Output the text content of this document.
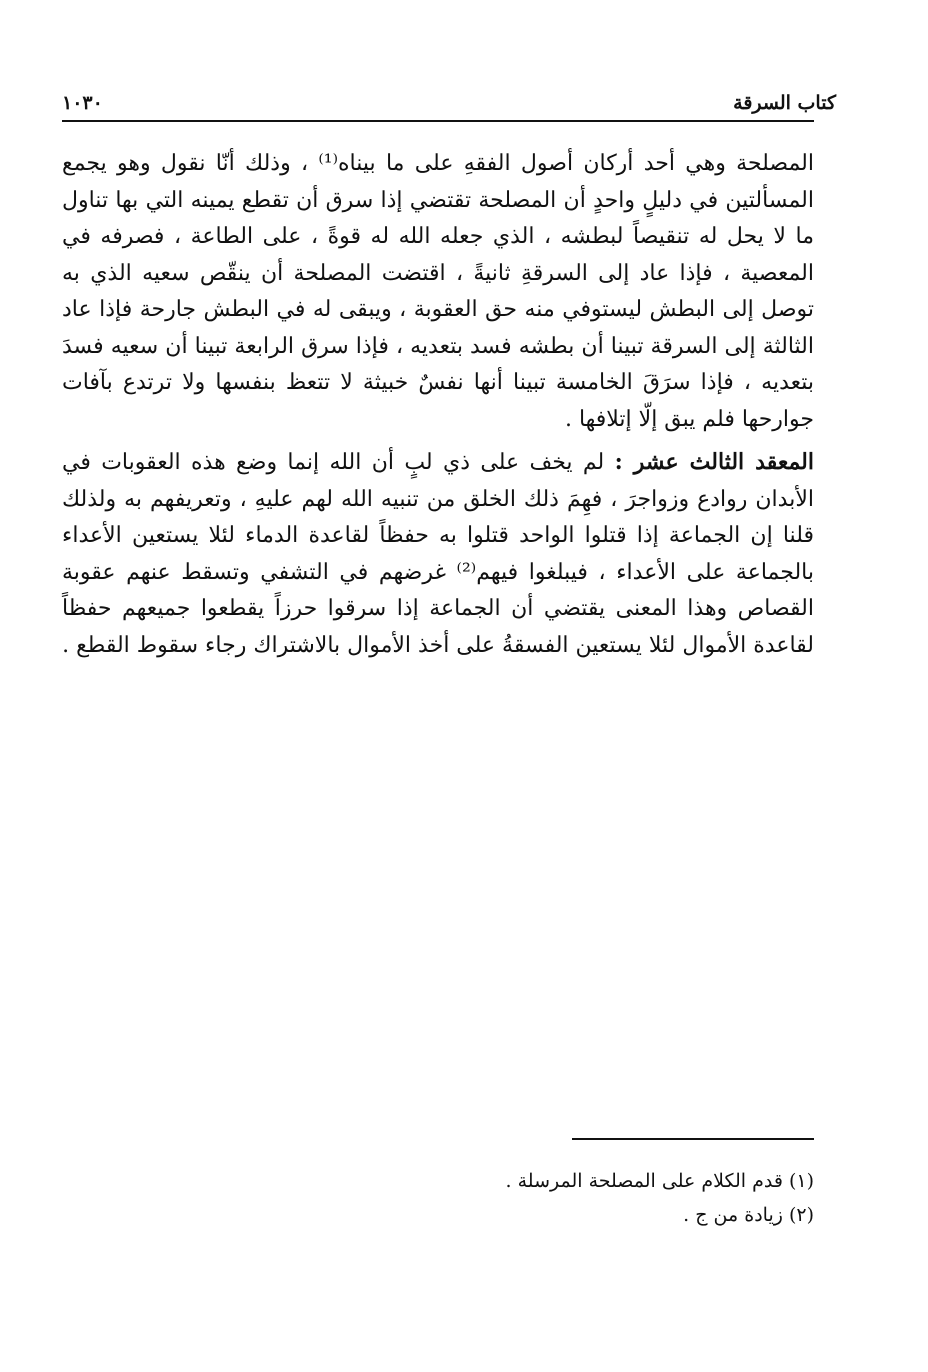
كتاب السرقة
١٠٣٠

المصلحة وهي أحد أركان أصول الفقهِ على ما بيناه⁽¹⁾ ، وذلك أنّا نقول وهو يجمع المسألتين في دليلٍ واحدٍ أن المصلحة تقتضي إذا سرق أن تقطع يمينه التي بها تناول ما لا يحل له تنقيصاً لبطشه ، الذي جعله الله له قوةً ، على الطاعة ، فصرفه في المعصية ، فإذا عاد إلى السرقةِ ثانيةً ، اقتضت المصلحة أن ينقّص سعيه الذي به توصل إلى البطش ليستوفي منه حق العقوبة ، ويبقى له في البطش جارحة فإذا عاد الثالثة إلى السرقة تبينا أن بطشه فسد بتعديه ، فإذا سرق الرابعة تبينا أن سعيه فسدَ بتعديه ، فإذا سرَقَ الخامسة تبينا أنها نفسٌ خبيثة لا تتعظ بنفسها ولا ترتدع بآفات جوارحها فلم يبق إلّا إتلافها .

المعقد الثالث عشر : لم يخف على ذي لبٍ أن الله إنما وضع هذه العقوبات في الأبدان روادع وزواجرَ ، فهِمَ ذلك الخلق من تنبيه الله لهم عليهِ ، وتعريفهم به ولذلك قلنا إن الجماعة إذا قتلوا الواحد قتلوا به حفظاً لقاعدة الدماء لئلا يستعين الأعداء بالجماعة على الأعداء ، فيبلغوا فيهم⁽²⁾ غرضهم في التشفي وتسقط عنهم عقوبة القصاص وهذا المعنى يقتضي أن الجماعة إذا سرقوا حرزاً يقطعوا جميعهم حفظاً لقاعدة الأموال لئلا يستعين الفسقةُ على أخذ الأموال بالاشتراك رجاء سقوط القطع .

(١) قدم الكلام على المصلحة المرسلة .

(٢) زيادة من ج .
